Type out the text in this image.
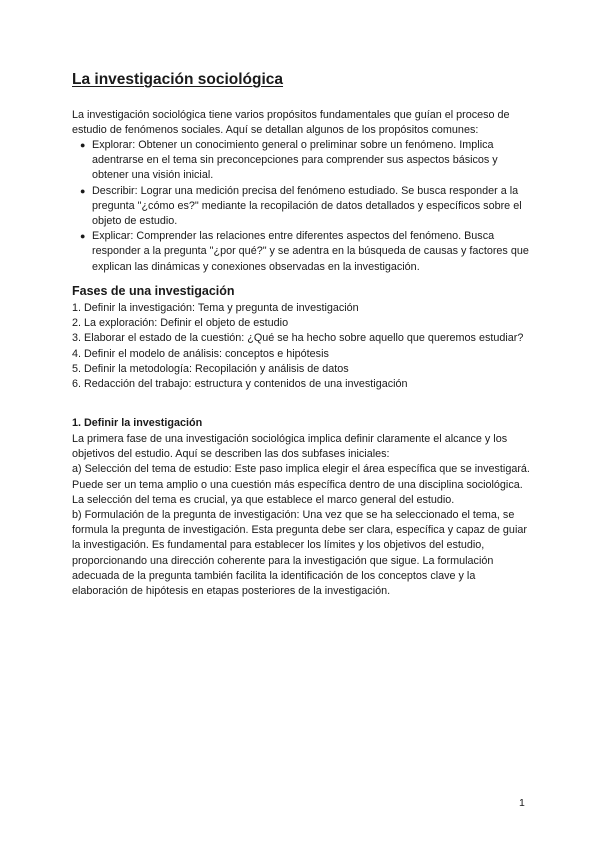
La investigación sociológica

La investigación sociológica tiene varios propósitos fundamentales que guían el proceso de estudio de fenómenos sociales. Aquí se detallan algunos de los propósitos comunes:

● Explorar: Obtener un conocimiento general o preliminar sobre un fenómeno. Implica adentrarse en el tema sin preconcepciones para comprender sus aspectos básicos y obtener una visión inicial.
● Describir: Lograr una medición precisa del fenómeno estudiado. Se busca responder a la pregunta "¿cómo es?" mediante la recopilación de datos detallados y específicos sobre el objeto de estudio.
● Explicar: Comprender las relaciones entre diferentes aspectos del fenómeno. Busca responder a la pregunta "¿por qué?" y se adentra en la búsqueda de causas y factores que explican las dinámicas y conexiones observadas en la investigación.
Fases de una investigación
1. Definir la investigación: Tema y pregunta de investigación
2. La exploración: Definir el objeto de estudio
3. Elaborar el estado de la cuestión: ¿Qué se ha hecho sobre aquello que queremos estudiar?
4. Definir el modelo de análisis: conceptos e hipótesis
5. Definir la metodología: Recopilación y análisis de datos
6. Redacción del trabajo: estructura y contenidos de una investigación
1. Definir la investigación

La primera fase de una investigación sociológica implica definir claramente el alcance y los objetivos del estudio. Aquí se describen las dos subfases iniciales:

a) Selección del tema de estudio: Este paso implica elegir el área específica que se investigará. Puede ser un tema amplio o una cuestión más específica dentro de una disciplina sociológica. La selección del tema es crucial, ya que establece el marco general del estudio.

b) Formulación de la pregunta de investigación: Una vez que se ha seleccionado el tema, se formula la pregunta de investigación. Esta pregunta debe ser clara, específica y capaz de guiar la investigación. Es fundamental para establecer los límites y los objetivos del estudio, proporcionando una dirección coherente para la investigación que sigue. La formulación adecuada de la pregunta también facilita la identificación de los conceptos clave y la elaboración de hipótesis en etapas posteriores de la investigación.

1
